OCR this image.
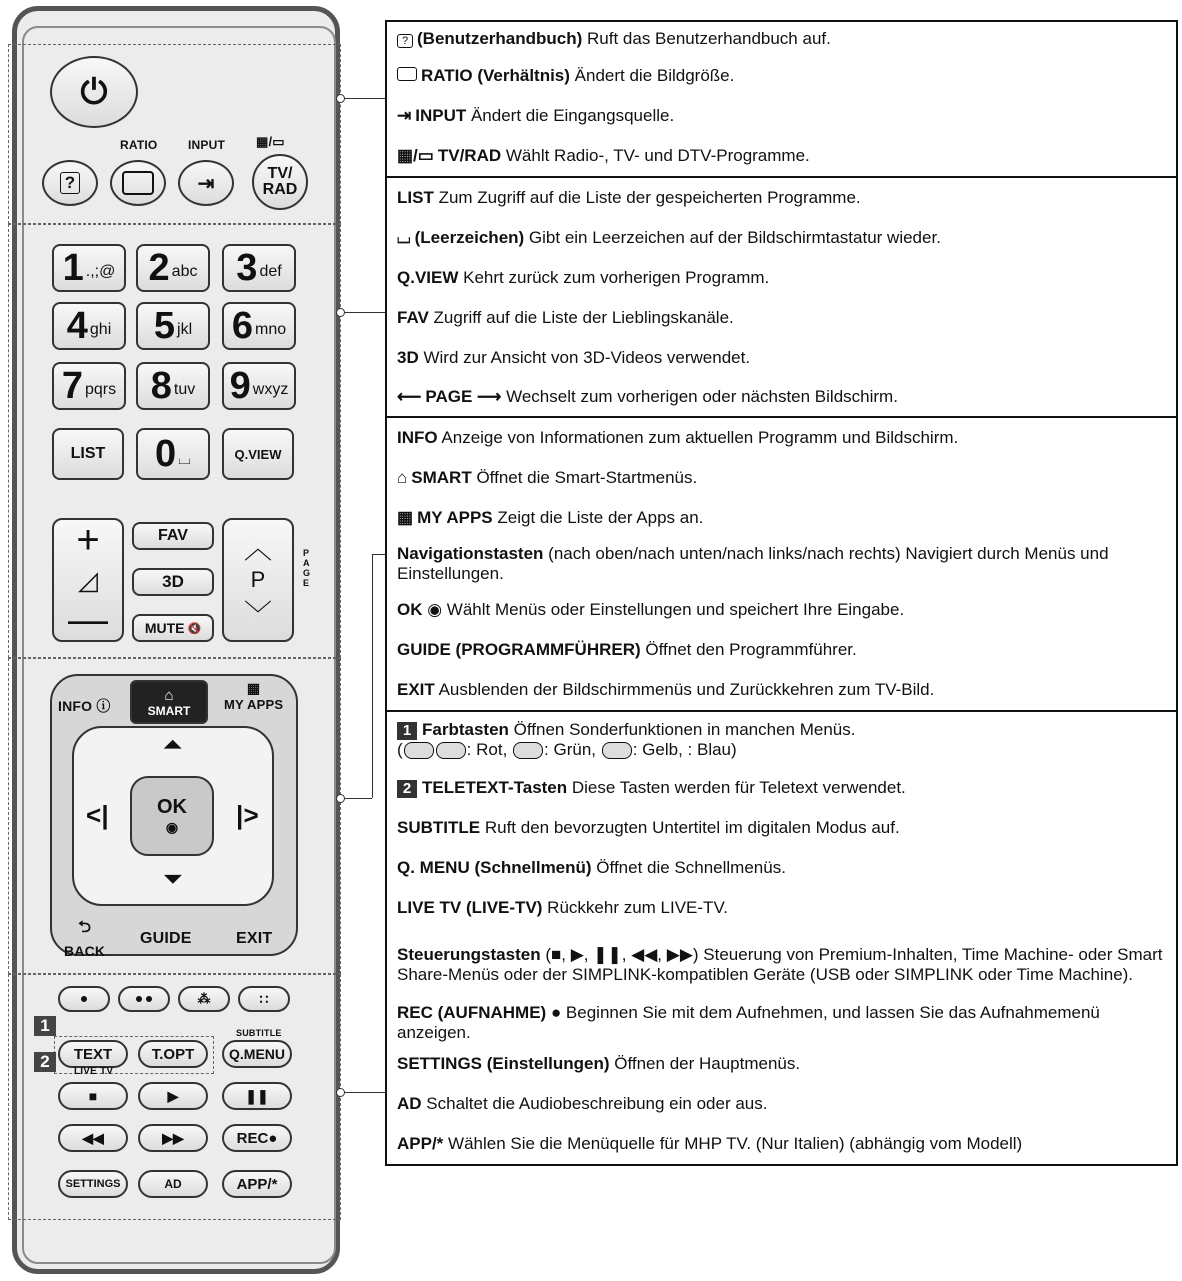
⏻
RATIO	INPUT ▦/▭
?	⇥	TV/
RAD
1 .,;@ 2 abc 3 def
4 ghi 5 jkl 6 mno
7 pqrs 8 tuv 9 wxyz
LIST	0 ⌴	Q.VIEW
+
◿
—
FAV
3D
MUTE 🔇
︿
P
﹀
PAGE
INFO ⓘ
⌂
SMART
▦
MY APPS
⏶
<|	|>
⏷
OK
◉
⮌
BACK
GUIDE	EXIT
1
⁂	∷
2
SUBTITLE
TEXT	T.OPT	Q.MENU
LIVE TV
■	▶	❚❚
◀◀	▶▶	REC ●
SETTINGS	AD	APP/*
? (Benutzerhandbuch) Ruft das Benutzerhandbuch auf.
RATIO (Verhältnis) Ändert die Bildgröße.
⇥ INPUT Ändert die Eingangsquelle.
▦/▭ TV/RAD Wählt Radio-, TV- und DTV-Programme.
LIST Zum Zugriff auf die Liste der gespeicherten Programme.
⌴ (Leerzeichen) Gibt ein Leerzeichen auf der Bildschirmtastatur wieder.
Q.VIEW Kehrt zurück zum vorherigen Programm.
FAV Zugriff auf die Liste der Lieblingskanäle.
3D Wird zur Ansicht von 3D-Videos verwendet.
⟵ PAGE ⟶ Wechselt zum vorherigen oder nächsten Bildschirm.
INFO Anzeige von Informationen zum aktuellen Programm und Bildschirm.
⌂ SMART Öffnet die Smart-Startmenüs.
▦ MY APPS Zeigt die Liste der Apps an.
Navigationstasten (nach oben/nach unten/nach links/nach rechts) Navigiert durch Menüs und Einstellungen.
OK ◉ Wählt Menüs oder Einstellungen und speichert Ihre Eingabe.
GUIDE (PROGRAMMFÜHRER) Öffnet den Programmführer.
EXIT Ausblenden der Bildschirmmenüs und Zurückkehren zum TV-Bild.
1 Farbtasten Öffnen Sonderfunktionen in manchen Menüs.
(	: Rot, : Grün, : Gelb, : Blau)
2 TELETEXT-Tasten Diese Tasten werden für Teletext verwendet.
SUBTITLE Ruft den bevorzugten Untertitel im digitalen Modus auf.
Q. MENU (Schnellmenü) Öffnet die Schnellmenüs.
LIVE TV (LIVE-TV) Rückkehr zum LIVE-TV.
Steuerungstasten (■, ▶, ❚❚, ◀◀, ▶▶) Steuerung von Premium-Inhalten, Time Machine- oder Smart Share-Menüs oder der SIMPLINK-kompatiblen Geräte (USB oder SIMPLINK oder Time Machine).
REC (AUFNAHME) ● Beginnen Sie mit dem Aufnehmen, und lassen Sie das Aufnahmemenü anzeigen.
SETTINGS (Einstellungen) Öffnen der Hauptmenüs.
AD Schaltet die Audiobeschreibung ein oder aus.
APP/* Wählen Sie die Menüquelle für MHP TV. (Nur Italien) (abhängig vom Modell)
